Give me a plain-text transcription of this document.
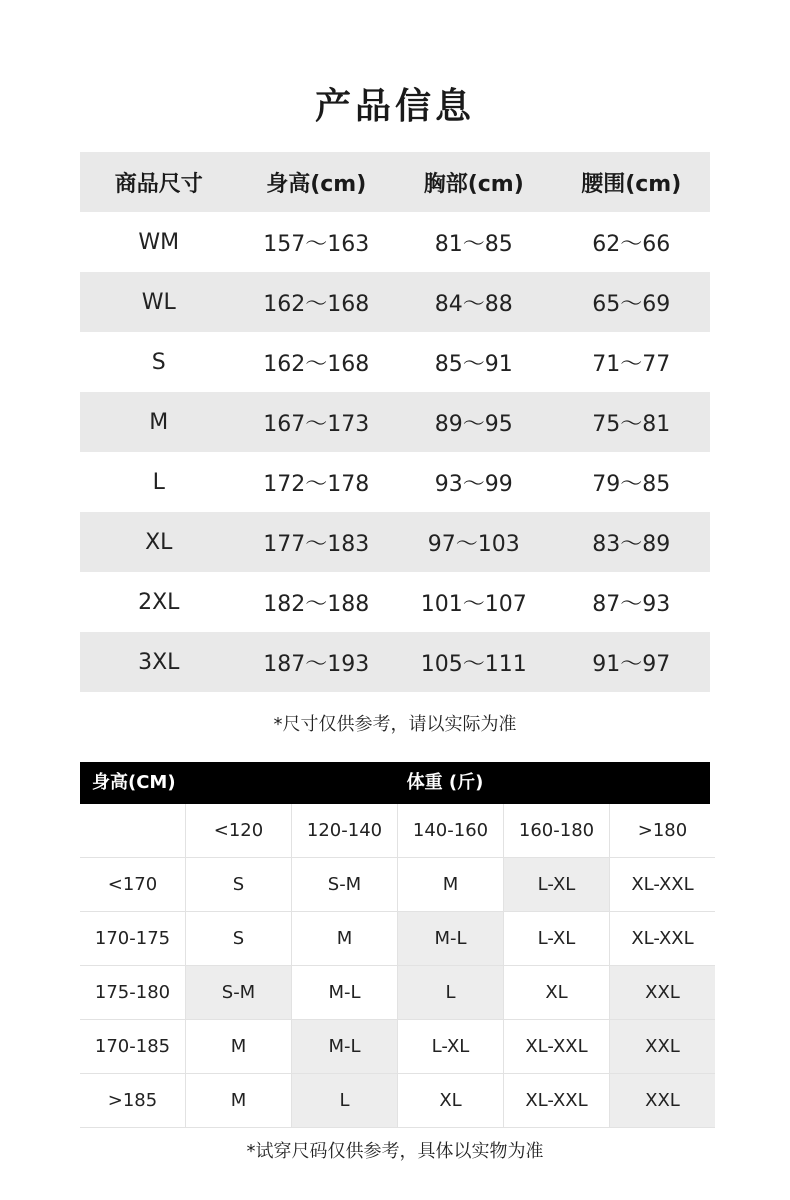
产品信息
商品尺寸	身高(cm)	胸部(cm)	腰围(cm)
WM	157～163	81～85	62～66
WL	162～168	84～88	65～69
S	162～168	85～91	71～77
M	167～173	89～95	75～81
L	172～178	93～99	79～85
XL	177～183	97～103	83～89
2XL	182～188	101～107	87～93
3XL	187～193	105～111	91～97
*尺寸仅供参考，请以实际为准
身高(CM)	体重 (斤)
	<120	120-140	140-160	160-180	>180
<170	S	S-M	M	L-XL	XL-XXL
170-175	S	M	M-L	L-XL	XL-XXL
175-180	S-M	M-L	L	XL	XXL
170-185	M	M-L	L-XL	XL-XXL	XXL
>185	M	L	XL	XL-XXL	XXL
*试穿尺码仅供参考，具体以实物为准
